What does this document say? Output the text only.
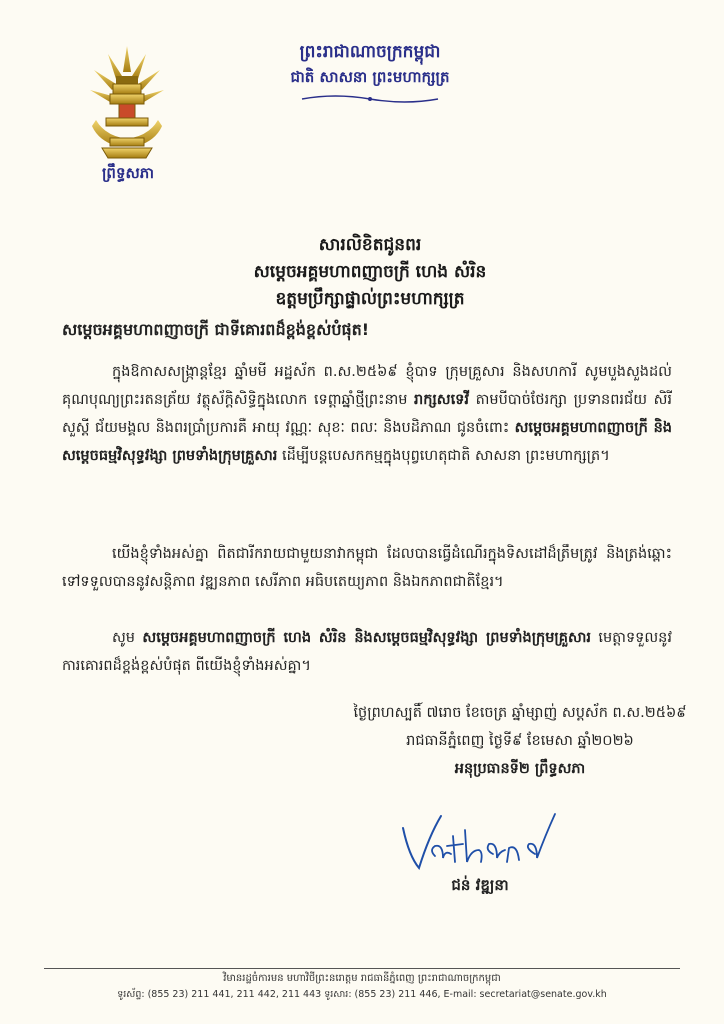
ព្រឹទ្ធសភា
ព្រះរាជាណាចក្រកម្ពុជា
ជាតិ សាសនា ព្រះមហាក្សត្រ
សារលិខិតជូនពរ
សម្តេចអគ្គមហាពញាចក្រី ហេង សំរិន
ឧត្តមប្រឹក្សាផ្ទាល់ព្រះមហាក្សត្រ
សម្តេចអគ្គមហាពញាចក្រី ជាទីគោរពដ៏ខ្ពង់ខ្ពស់បំផុត!
ក្នុងឱកាសសង្ក្រាន្តខ្មែរ ឆ្នាំមមី អដ្ឋស័ក ព.ស.២៥៦៩ ខ្ញុំបាទ ក្រុមគ្រួសារ និងសហការី សូមបួងសួងដល់គុណបុណ្យព្រះរតនត្រ័យ វត្ថុស័ក្តិសិទ្ធិក្នុងលោក ទេព្តាឆ្នាំថ្មីព្រះនាម រាក្សសទេវី តាមបីបាច់ថែរក្សា ប្រទានពរជ័យ សិរីសួស្តី ជ័យមង្គល និងពរប្រាំប្រការគឺ អាយុ វណ្ណៈ សុខៈ ពលៈ និងបដិភាណ ជូនចំពោះ សម្តេចអគ្គមហាពញាចក្រី និងសម្តេចធម្មវិសុទ្ធវង្សា ព្រមទាំងក្រុមគ្រួសារ ដើម្បីបន្តបេសកកម្មក្នុងបុព្វហេតុជាតិ សាសនា ព្រះមហាក្សត្រ។
យើងខ្ញុំទាំងអស់គ្នា ពិតជារីករាយជាមួយនាវាកម្ពុជា ដែលបានធ្វើដំណើរក្នុងទិសដៅដ៏ត្រឹមត្រូវ និងត្រង់ឆ្ពោះទៅទទួលបាននូវសន្តិភាព វឌ្ឍនភាព សេរីភាព អធិបតេយ្យភាព និងឯកភាពជាតិខ្មែរ។
សូម សម្តេចអគ្គមហាពញាចក្រី ហេង សំរិន និងសម្តេចធម្មវិសុទ្ធវង្សា ព្រមទាំងក្រុមគ្រួសារ មេត្តាទទួលនូវការគោរពដ៏ខ្ពង់ខ្ពស់បំផុត ពីយើងខ្ញុំទាំងអស់គ្នា។
ថ្ងៃព្រហស្បតិ៍ ៧រោច ខែចេត្រ ឆ្នាំម្សាញ់ សប្តស័ក ព.ស.២៥៦៩
រាជធានីភ្នំពេញ ថ្ងៃទី៩ ខែមេសា ឆ្នាំ២០២៦
អនុប្រធានទី២ ព្រឹទ្ធសភា
ជន់ វឌ្ឍនា
វិមានរដ្ឋចំការមន មហាវិថីព្រះនរោត្តម រាជធានីភ្នំពេញ ព្រះរាជាណាចក្រកម្ពុជា
ទូរស័ព្ទ: (855 23) 211 441, 211 442, 211 443 ទូរសារ: (855 23) 211 446, E-mail: secretariat@senate.gov.kh
